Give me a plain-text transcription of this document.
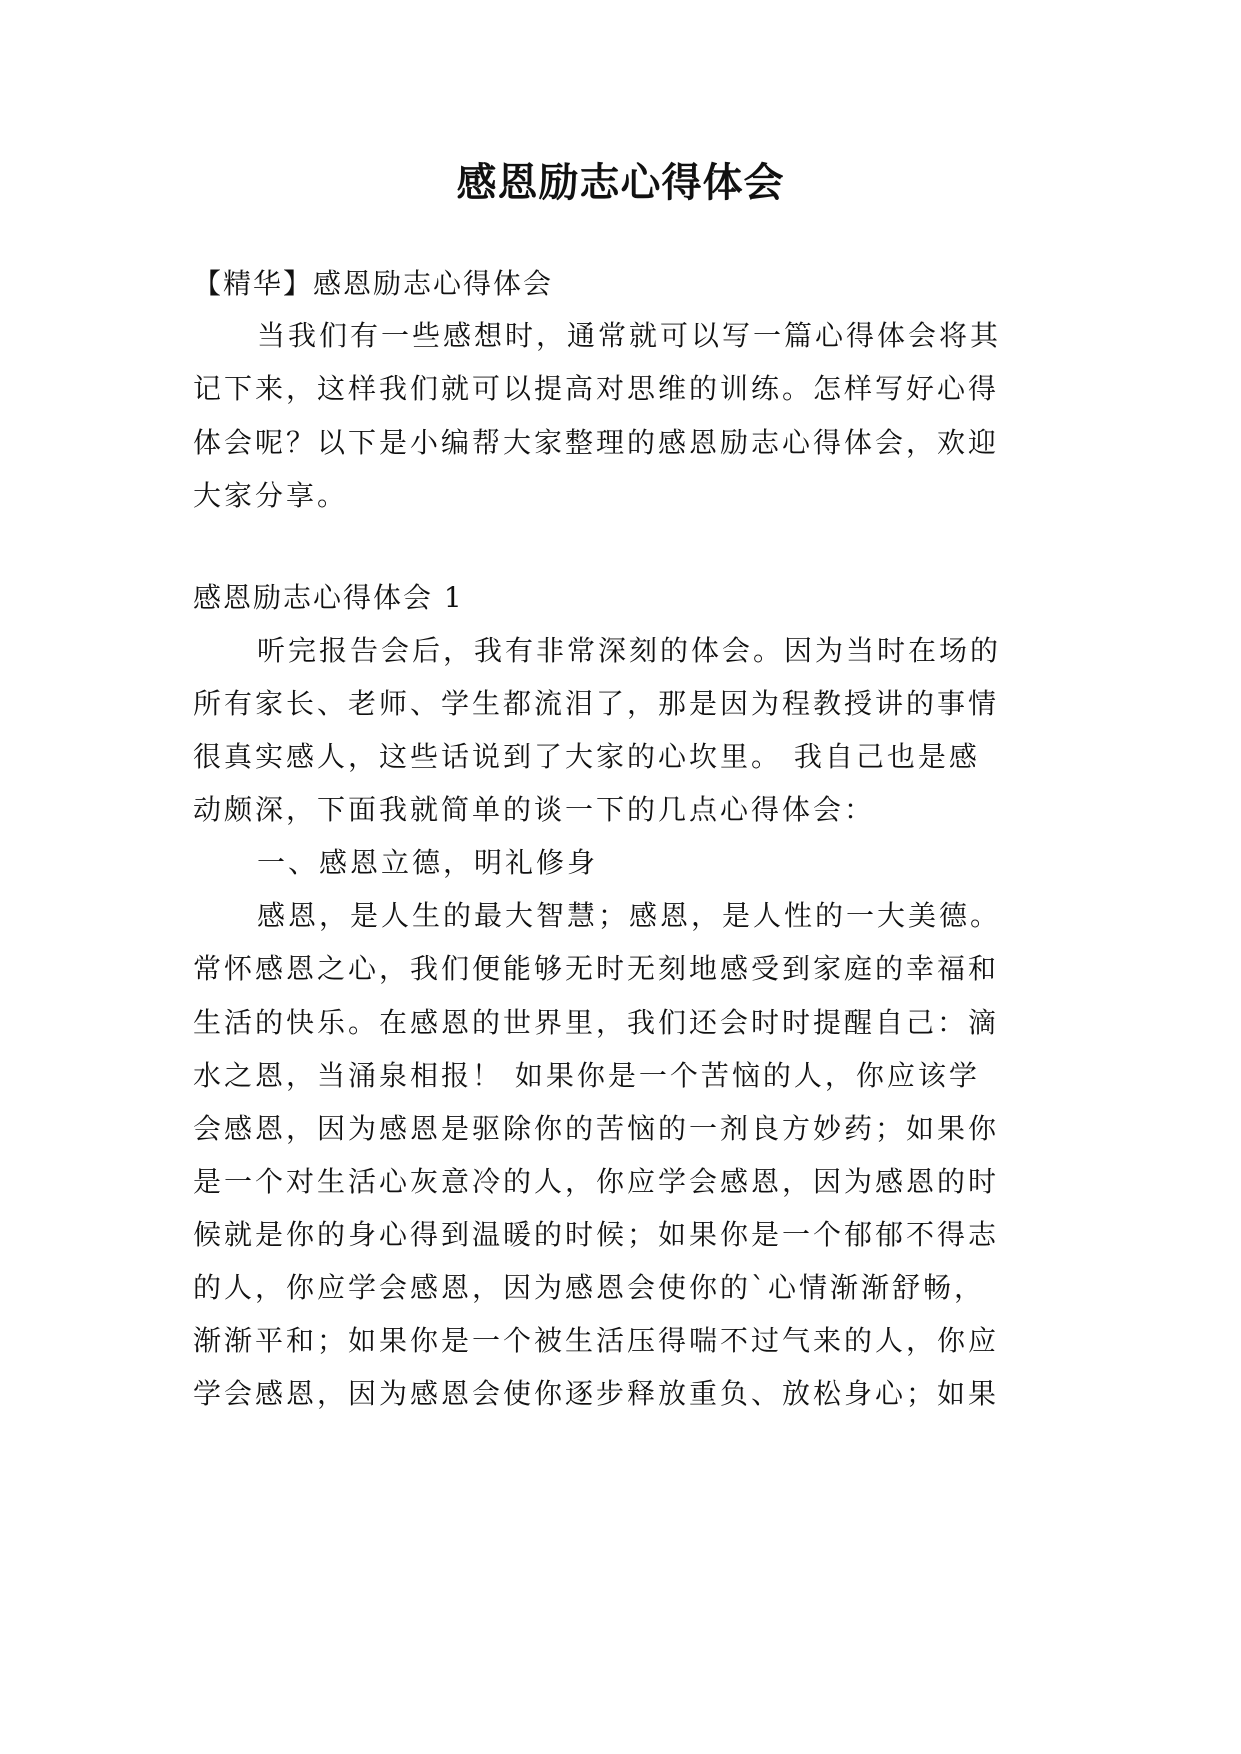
感恩励志心得体会
【精华】感恩励志心得体会
当我们有一些感想时，通常就可以写一篇心得体会将其
记下来，这样我们就可以提高对思维的训练。怎样写好心得
体会呢？以下是小编帮大家整理的感恩励志心得体会，欢迎
大家分享。
感恩励志心得体会 1
听完报告会后，我有非常深刻的体会。因为当时在场的
所有家长、老师、学生都流泪了，那是因为程教授讲的事情
很真实感人，这些话说到了大家的心坎里。 我自己也是感
动颇深，下面我就简单的谈一下的几点心得体会：
一、感恩立德，明礼修身
感恩，是人生的最大智慧；感恩，是人性的一大美德。
常怀感恩之心，我们便能够无时无刻地感受到家庭的幸福和
生活的快乐。在感恩的世界里，我们还会时时提醒自己：滴
水之恩，当涌泉相报！ 如果你是一个苦恼的人，你应该学
会感恩，因为感恩是驱除你的苦恼的一剂良方妙药；如果你
是一个对生活心灰意冷的人，你应学会感恩，因为感恩的时
候就是你的身心得到温暖的时候；如果你是一个郁郁不得志
的人，你应学会感恩，因为感恩会使你的`心情渐渐舒畅，
渐渐平和；如果你是一个被生活压得喘不过气来的人，你应
学会感恩，因为感恩会使你逐步释放重负、放松身心；如果
